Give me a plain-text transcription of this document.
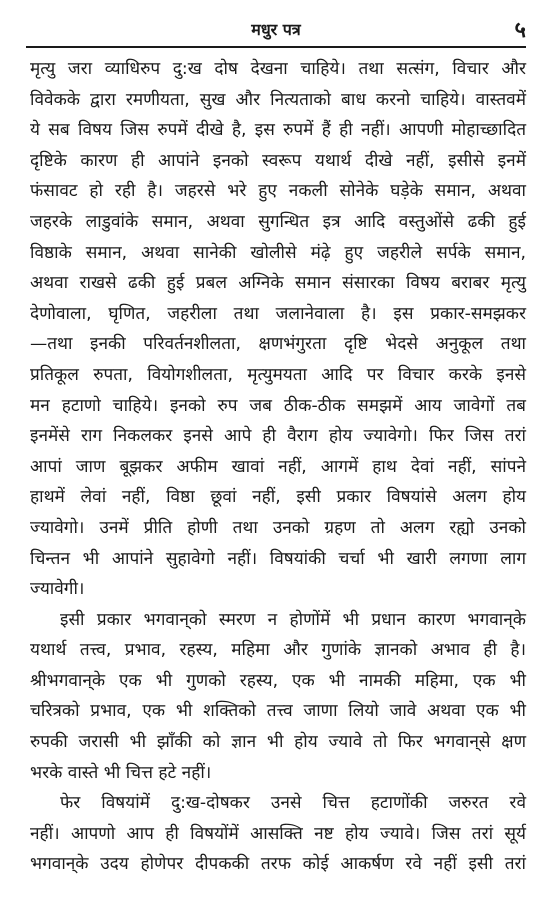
मधुर पत्र	५
मृत्यु जरा व्याधिरुप दु:ख दोष देखना चाहिये। तथा सत्संग, विचार और
विवेकके द्वारा रमणीयता, सुख और नित्यताको बाध करनो चाहिये। वास्तवमें
ये सब विषय जिस रुपमें दीखे है, इस रुपमें हैं ही नहीं। आपणी मोहाच्छादित
दृष्टिके कारण ही आपांने इनको स्वरूप यथार्थ दीखे नहीं, इसीसे इनमें
फंसावट हो रही है। जहरसे भरे हुए नकली सोनेके घड़ेके समान, अथवा
जहरके लाडुवांके समान, अथवा सुगन्धित इत्र आदि वस्तुओंसे ढकी हुई
विष्ठाके समान, अथवा सानेकी खोलीसे मंढ़े हुए जहरीले सर्पके समान,
अथवा राखसे ढकी हुई प्रबल अग्निके समान संसारका विषय बराबर मृत्यु
देणोवाला, घृणित, जहरीला तथा जलानेवाला है। इस प्रकार-समझकर
—तथा इनकी परिवर्तनशीलता, क्षणभंगुरता दृष्टि भेदसे अनुकूल तथा
प्रतिकूल रुपता, वियोगशीलता, मृत्युमयता आदि पर विचार करके इनसे
मन हटाणो चाहिये। इनको रुप जब ठीक-ठीक समझमें आय जावेगों तब
इनमेंसे राग निकलकर इनसे आपे ही वैराग होय ज्यावेगो। फिर जिस तरां
आपां जाण बूझकर अफीम खावां नहीं, आगमें हाथ देवां नहीं, सांपने
हाथमें लेवां नहीं, विष्ठा छूवां नहीं, इसी प्रकार विषयांसे अलग होय
ज्यावेगो। उनमें प्रीति होणी तथा उनको ग्रहण तो अलग रह्यो उनको
चिन्तन भी आपांने सुहावेगो नहीं। विषयांकी चर्चा भी खारी लगणा लाग
ज्यावेगी।
इसी प्रकार भगवान्‌को स्मरण न होणोंमें भी प्रधान कारण भगवान्‌के
यथार्थ तत्त्व, प्रभाव, रहस्य, महिमा और गुणांके ज्ञानको अभाव ही है।
श्रीभगवान्‌के एक भी गुणको रहस्य, एक भी नामकी महिमा, एक भी
चरित्रको प्रभाव, एक भी शक्तिको तत्त्व जाणा लियो जावे अथवा एक भी
रुपकी जरासी भी झाँकी को ज्ञान भी होय ज्यावे तो फिर भगवान्‌से क्षण
भरके वास्ते भी चित्त हटे नहीं।
फेर विषयांमें दु:ख-दोषकर उनसे चित्त हटाणोंकी जरुरत रवे
नहीं। आपणो आप ही विषयोंमें आसक्ति नष्ट होय ज्यावे। जिस तरां सूर्य
भगवान्‌के उदय होणेपर दीपककी तरफ कोई आकर्षण रवे नहीं इसी तरां
